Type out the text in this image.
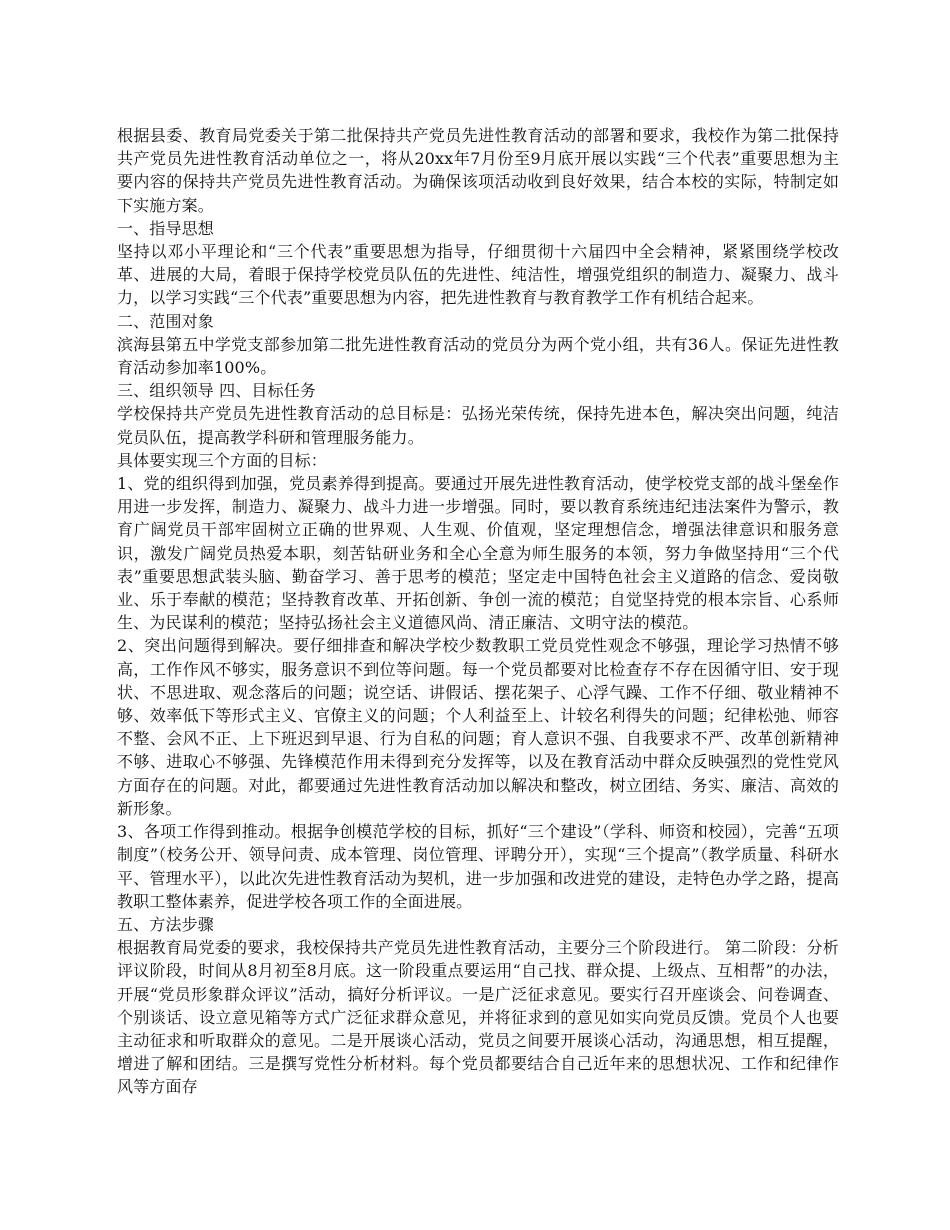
根据县委、教育局党委关于第二批保持共产党员先进性教育活动的部署和要求，我校作为第二批保持共产党员先进性教育活动单位之一，将从20xx年7月份至9月底开展以实践“三个代表”重要思想为主要内容的保持共产党员先进性教育活动。为确保该项活动收到良好效果，结合本校的实际，特制定如下实施方案。

一、指导思想

坚持以邓小平理论和“三个代表”重要思想为指导，仔细贯彻十六届四中全会精神，紧紧围绕学校改革、进展的大局，着眼于保持学校党员队伍的先进性、纯洁性，增强党组织的制造力、凝聚力、战斗力，以学习实践“三个代表”重要思想为内容，把先进性教育与教育教学工作有机结合起来。

二、范围对象

滨海县第五中学党支部参加第二批先进性教育活动的党员分为两个党小组，共有36人。保证先进性教育活动参加率100%。

三、组织领导 四、目标任务

学校保持共产党员先进性教育活动的总目标是：弘扬光荣传统，保持先进本色，解决突出问题，纯洁党员队伍，提高教学科研和管理服务能力。

具体要实现三个方面的目标：

1、党的组织得到加强，党员素养得到提高。要通过开展先进性教育活动，使学校党支部的战斗堡垒作用进一步发挥，制造力、凝聚力、战斗力进一步增强。同时，要以教育系统违纪违法案件为警示，教育广阔党员干部牢固树立正确的世界观、人生观、价值观，坚定理想信念，增强法律意识和服务意识，激发广阔党员热爱本职，刻苦钻研业务和全心全意为师生服务的本领，努力争做坚持用“三个代表”重要思想武装头脑、勤奋学习、善于思考的模范；坚定走中国特色社会主义道路的信念、爱岗敬业、乐于奉献的模范；坚持教育改革、开拓创新、争创一流的模范；自觉坚持党的根本宗旨、心系师生、为民谋利的模范；坚持弘扬社会主义道德风尚、清正廉洁、文明守法的模范。

2、突出问题得到解决。要仔细排查和解决学校少数教职工党员党性观念不够强，理论学习热情不够高，工作作风不够实，服务意识不到位等问题。每一个党员都要对比检查存不存在因循守旧、安于现状、不思进取、观念落后的问题；说空话、讲假话、摆花架子、心浮气躁、工作不仔细、敬业精神不够、效率低下等形式主义、官僚主义的问题；个人利益至上、计较名利得失的问题；纪律松弛、师容不整、会风不正、上下班迟到早退、行为自私的问题；育人意识不强、自我要求不严、改革创新精神不够、进取心不够强、先锋模范作用未得到充分发挥等，以及在教育活动中群众反映强烈的党性党风方面存在的问题。对此，都要通过先进性教育活动加以解决和整改，树立团结、务实、廉洁、高效的新形象。

3、各项工作得到推动。根据争创模范学校的目标，抓好“三个建设”（学科、师资和校园），完善“五项制度”（校务公开、领导问责、成本管理、岗位管理、评聘分开），实现“三个提高”（教学质量、科研水平、管理水平），以此次先进性教育活动为契机，进一步加强和改进党的建设，走特色办学之路，提高教职工整体素养，促进学校各项工作的全面进展。

五、方法步骤

根据教育局党委的要求，我校保持共产党员先进性教育活动，主要分三个阶段进行。 第二阶段：分析评议阶段，时间从8月初至8月底。这一阶段重点要运用“自己找、群众提、上级点、互相帮”的办法，开展“党员形象群众评议”活动，搞好分析评议。一是广泛征求意见。要实行召开座谈会、问卷调查、个别谈话、设立意见箱等方式广泛征求群众意见，并将征求到的意见如实向党员反馈。党员个人也要主动征求和听取群众的意见。二是开展谈心活动，党员之间要开展谈心活动，沟通思想，相互提醒，增进了解和团结。三是撰写党性分析材料。每个党员都要结合自己近年来的思想状况、工作和纪律作风等方面存
